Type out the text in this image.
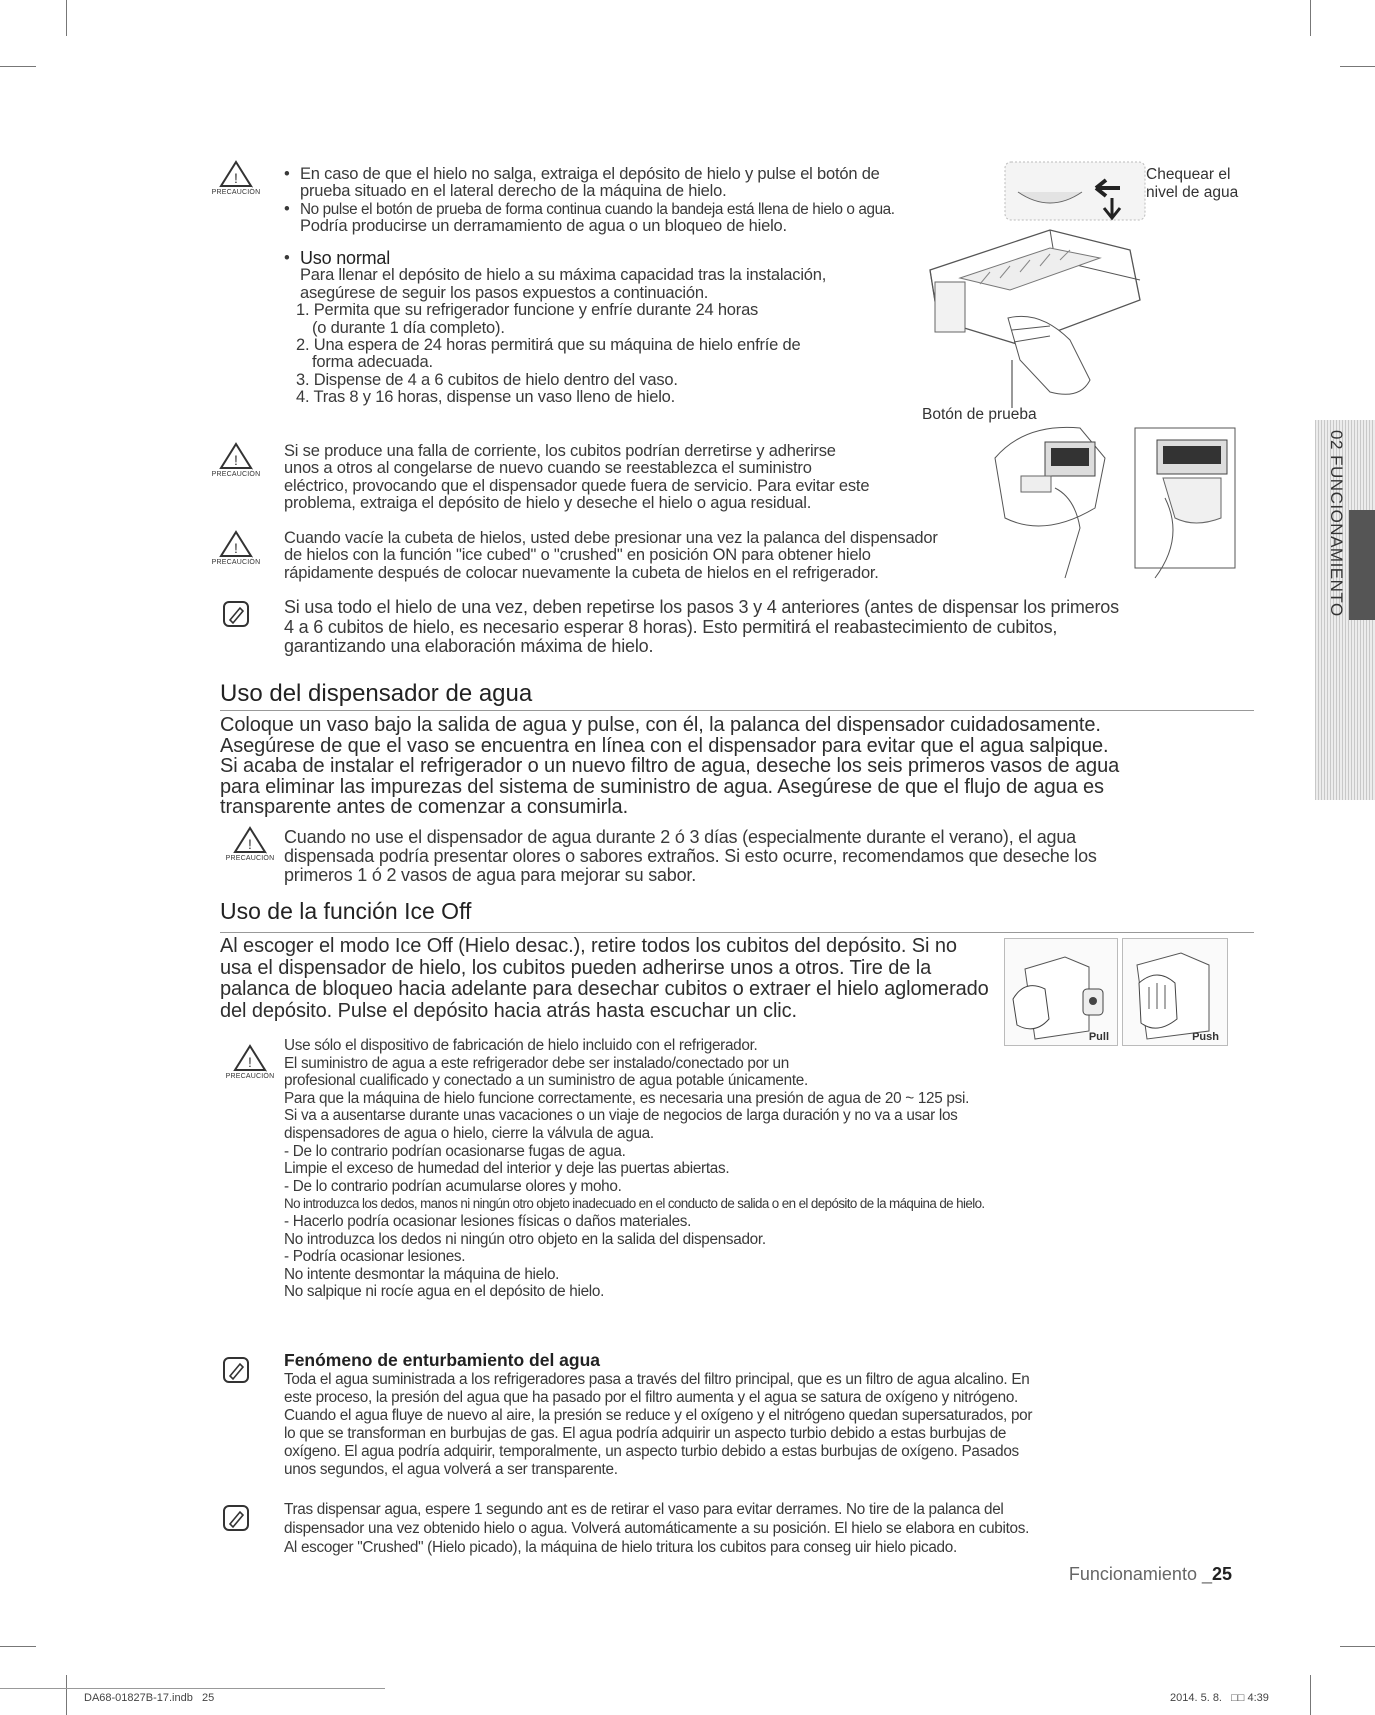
02 FUNCIONAMIENTO
!
PRECAUCIÓN

• En caso de que el hielo no salga, extraiga el depósito de hielo y pulse el botón de

prueba situado en el lateral derecho de la máquina de hielo.

• No pulse el botón de prueba de forma continua cuando la bandeja está llena de hielo o agua.

Podría producirse un derramamiento de agua o un bloqueo de hielo.

• Uso normal

Para llenar el depósito de hielo a su máxima capacidad tras la instalación,

asegúrese de seguir los pasos expuestos a continuación.

1. Permita que su refrigerador funcione y enfríe durante 24 horas

(o durante 1 día completo).

2. Una espera de 24 horas permitirá que su máquina de hielo enfríe de

forma adecuada.

3. Dispense de 4 a 6 cubitos de hielo dentro del vaso.

4. Tras 8 y 16 horas, dispense un vaso lleno de hielo.

Chequear el
nivel de agua
Botón de prueba
!
PRECAUCIÓN

Si se produce una falla de corriente, los cubitos podrían derretirse y adherirse

unos a otros al congelarse de nuevo cuando se reestablezca el suministro

eléctrico, provocando que el dispensador quede fuera de servicio. Para evitar este

problema, extraiga el depósito de hielo y deseche el hielo o agua residual.

!
PRECAUCIÓN

Cuando vacíe la cubeta de hielos, usted debe presionar una vez la palanca del dispensador

de hielos con la función "ice cubed" o "crushed" en posición ON para obtener hielo

rápidamente después de colocar nuevamente la cubeta de hielos en el refrigerador.

Si usa todo el hielo de una vez, deben repetirse los pasos 3 y 4 anteriores (antes de dispensar los primeros

4 a 6 cubitos de hielo, es necesario esperar 8 horas). Esto permitirá el reabastecimiento de cubitos,

garantizando una elaboración máxima de hielo.

Uso del dispensador de agua

Coloque un vaso bajo la salida de agua y pulse, con él, la palanca del dispensador cuidadosamente.

Asegúrese de que el vaso se encuentra en línea con el dispensador para evitar que el agua salpique.

Si acaba de instalar el refrigerador o un nuevo filtro de agua, deseche los seis primeros vasos de agua

para eliminar las impurezas del sistema de suministro de agua. Asegúrese de que el flujo de agua es

transparente antes de comenzar a consumirla.

!
PRECAUCIÓN

Cuando no use el dispensador de agua durante 2 ó 3 días (especialmente durante el verano), el agua

dispensada podría presentar olores o sabores extraños. Si esto ocurre, recomendamos que deseche los

primeros 1 ó 2 vasos de agua para mejorar su sabor.

Uso de la función Ice Off

Al escoger el modo Ice Off (Hielo desac.), retire todos los cubitos del depósito. Si no

usa el dispensador de hielo, los cubitos pueden adherirse unos a otros. Tire de la

palanca de bloqueo hacia adelante para desechar cubitos o extraer el hielo aglomerado

del depósito. Pulse el depósito hacia atrás hasta escuchar un clic.

Pull	Push
!
PRECAUCIÓN

Use sólo el dispositivo de fabricación de hielo incluido con el refrigerador.

El suministro de agua a este refrigerador debe ser instalado/conectado por un

profesional cualificado y conectado a un suministro de agua potable únicamente.

Para que la máquina de hielo funcione correctamente, es necesaria una presión de agua de 20 ~ 125 psi.

Si va a ausentarse durante unas vacaciones o un viaje de negocios de larga duración y no va a usar los

dispensadores de agua o hielo, cierre la válvula de agua.

- De lo contrario podrían ocasionarse fugas de agua.

Limpie el exceso de humedad del interior y deje las puertas abiertas.

- De lo contrario podrían acumularse olores y moho.

No introduzca los dedos, manos ni ningún otro objeto inadecuado en el conducto de salida o en el depósito de la máquina de hielo.

- Hacerlo podría ocasionar lesiones físicas o daños materiales.

No introduzca los dedos ni ningún otro objeto en la salida del dispensador.

- Podría ocasionar lesiones.

No intente desmontar la máquina de hielo.

No salpique ni rocíe agua en el depósito de hielo.

Fenómeno de enturbamiento del agua

Toda el agua suministrada a los refrigeradores pasa a través del filtro principal, que es un filtro de agua alcalino. En

este proceso, la presión del agua que ha pasado por el filtro aumenta y el agua se satura de oxígeno y nitrógeno.

Cuando el agua fluye de nuevo al aire, la presión se reduce y el oxígeno y el nitrógeno quedan supersaturados, por

lo que se transforman en burbujas de gas. El agua podría adquirir un aspecto turbio debido a estas burbujas de

oxígeno. El agua podría adquirir, temporalmente, un aspecto turbio debido a estas burbujas de oxígeno. Pasados

unos segundos, el agua volverá a ser transparente.

Tras dispensar agua, espere 1 segundo ant es de retirar el vaso para evitar derrames. No tire de la palanca del

dispensador una vez obtenido hielo o agua. Volverá automáticamente a su posición. El hielo se elabora en cubitos.

Al escoger "Crushed" (Hielo picado), la máquina de hielo tritura los cubitos para conseg uir hielo picado.

Funcionamiento _25
DA68-01827B-17.indb   25	2014. 5. 8.   □□ 4:39
